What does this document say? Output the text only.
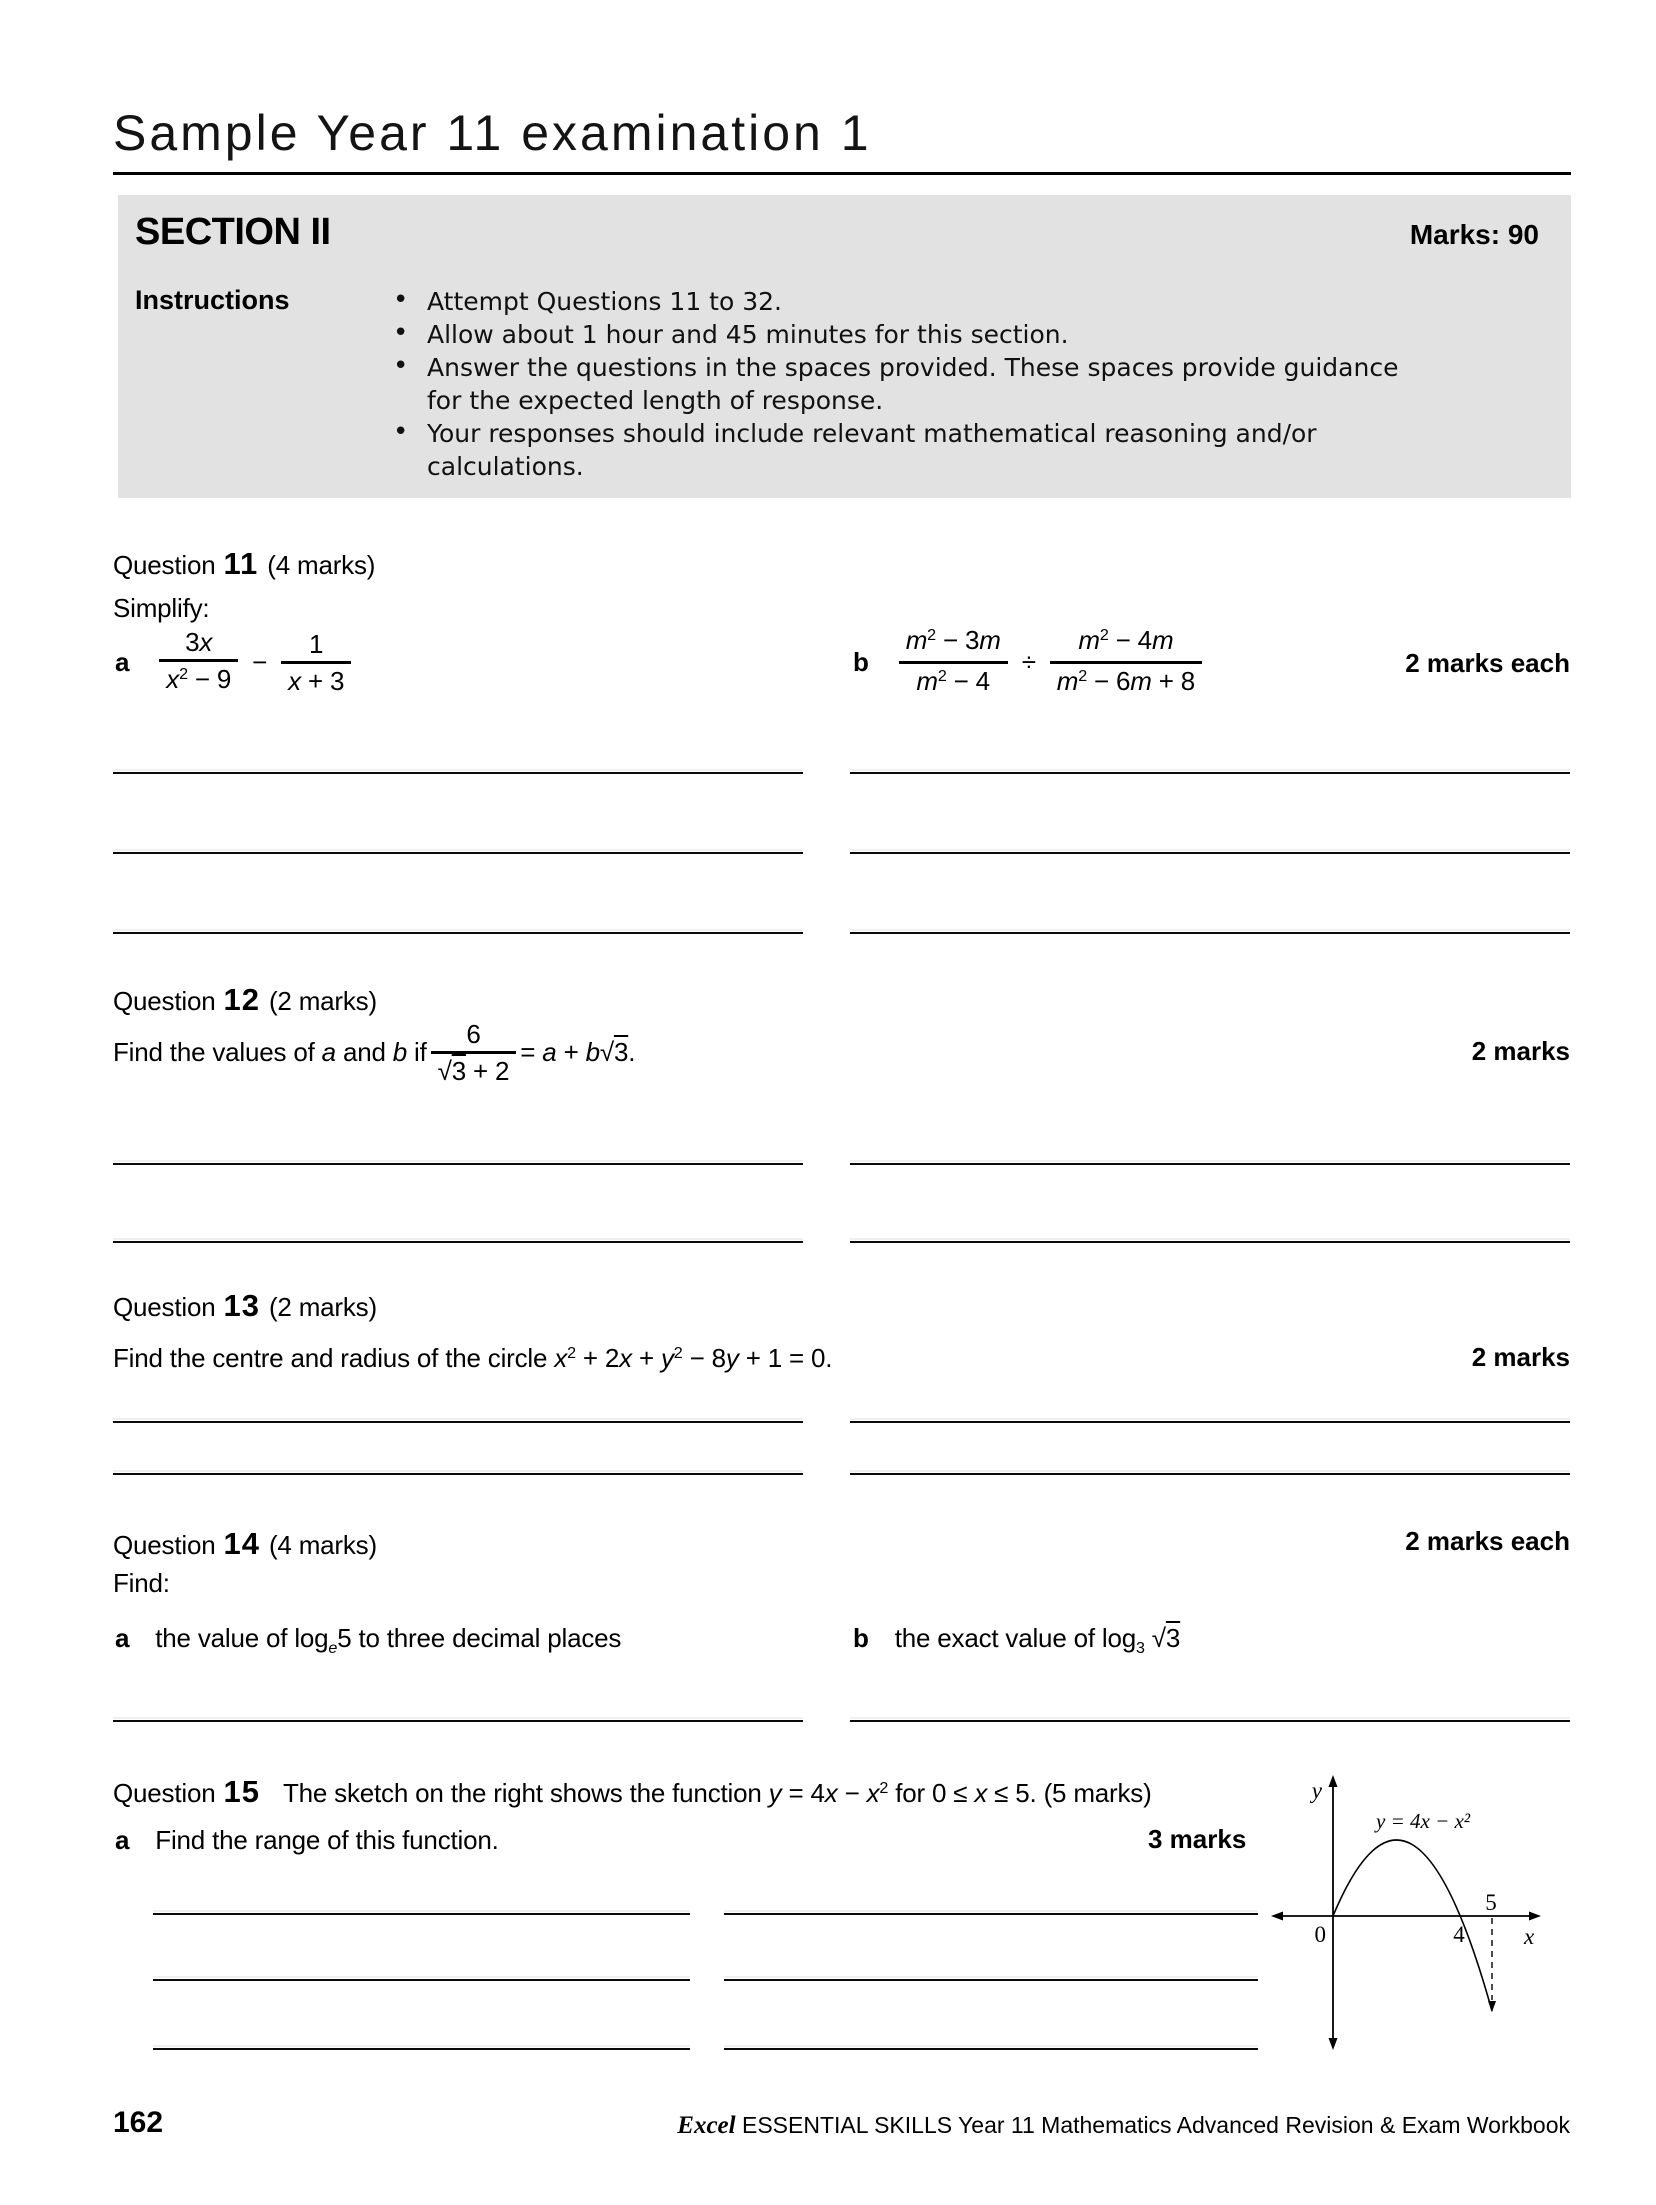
Sample Year 11 examination 1
SECTION II	Marks: 90
Instructions	• Attempt Questions 11 to 32.
• Allow about 1 hour and 45 minutes for this section.
• Answer the questions in the spaces provided. These spaces provide guidance
for the expected length of response.
• Your responses should include relevant mathematical reasoning and/or
calculations.
Question 11 (4 marks)
Simplify:
a $\frac{3x}{x^2 - 9} - \frac{1}{x + 3}$	b $\frac{m^2 - 3m}{m^2 - 4} \div \frac{m^2 - 4m}{m^2 - 6m + 8}$	2 marks each
Question 12 (2 marks)
Find the values of a and b if $\frac{6}{√3 + 2} = a + b√3$.	2 marks
Question 13 (2 marks)
Find the centre and radius of the circle $x^2 + 2x + y^2 - 8y + 1 = 0$.	2 marks
Question 14 (4 marks)	2 marks each
Find:
a the value of $\log_e5$ to three decimal places	b the exact value of $\log_3 √3$
Question 15 The sketch on the right shows the function $y = 4x - x^2$ for 0 ≤ x ≤ 5. (5 marks)
a Find the range of this function.	3 marks
y
x
0	4
5
y = 4x − x²
162	Excel ESSENTIAL SKILLS Year 11 Mathematics Advanced Revision & Exam Workbook
